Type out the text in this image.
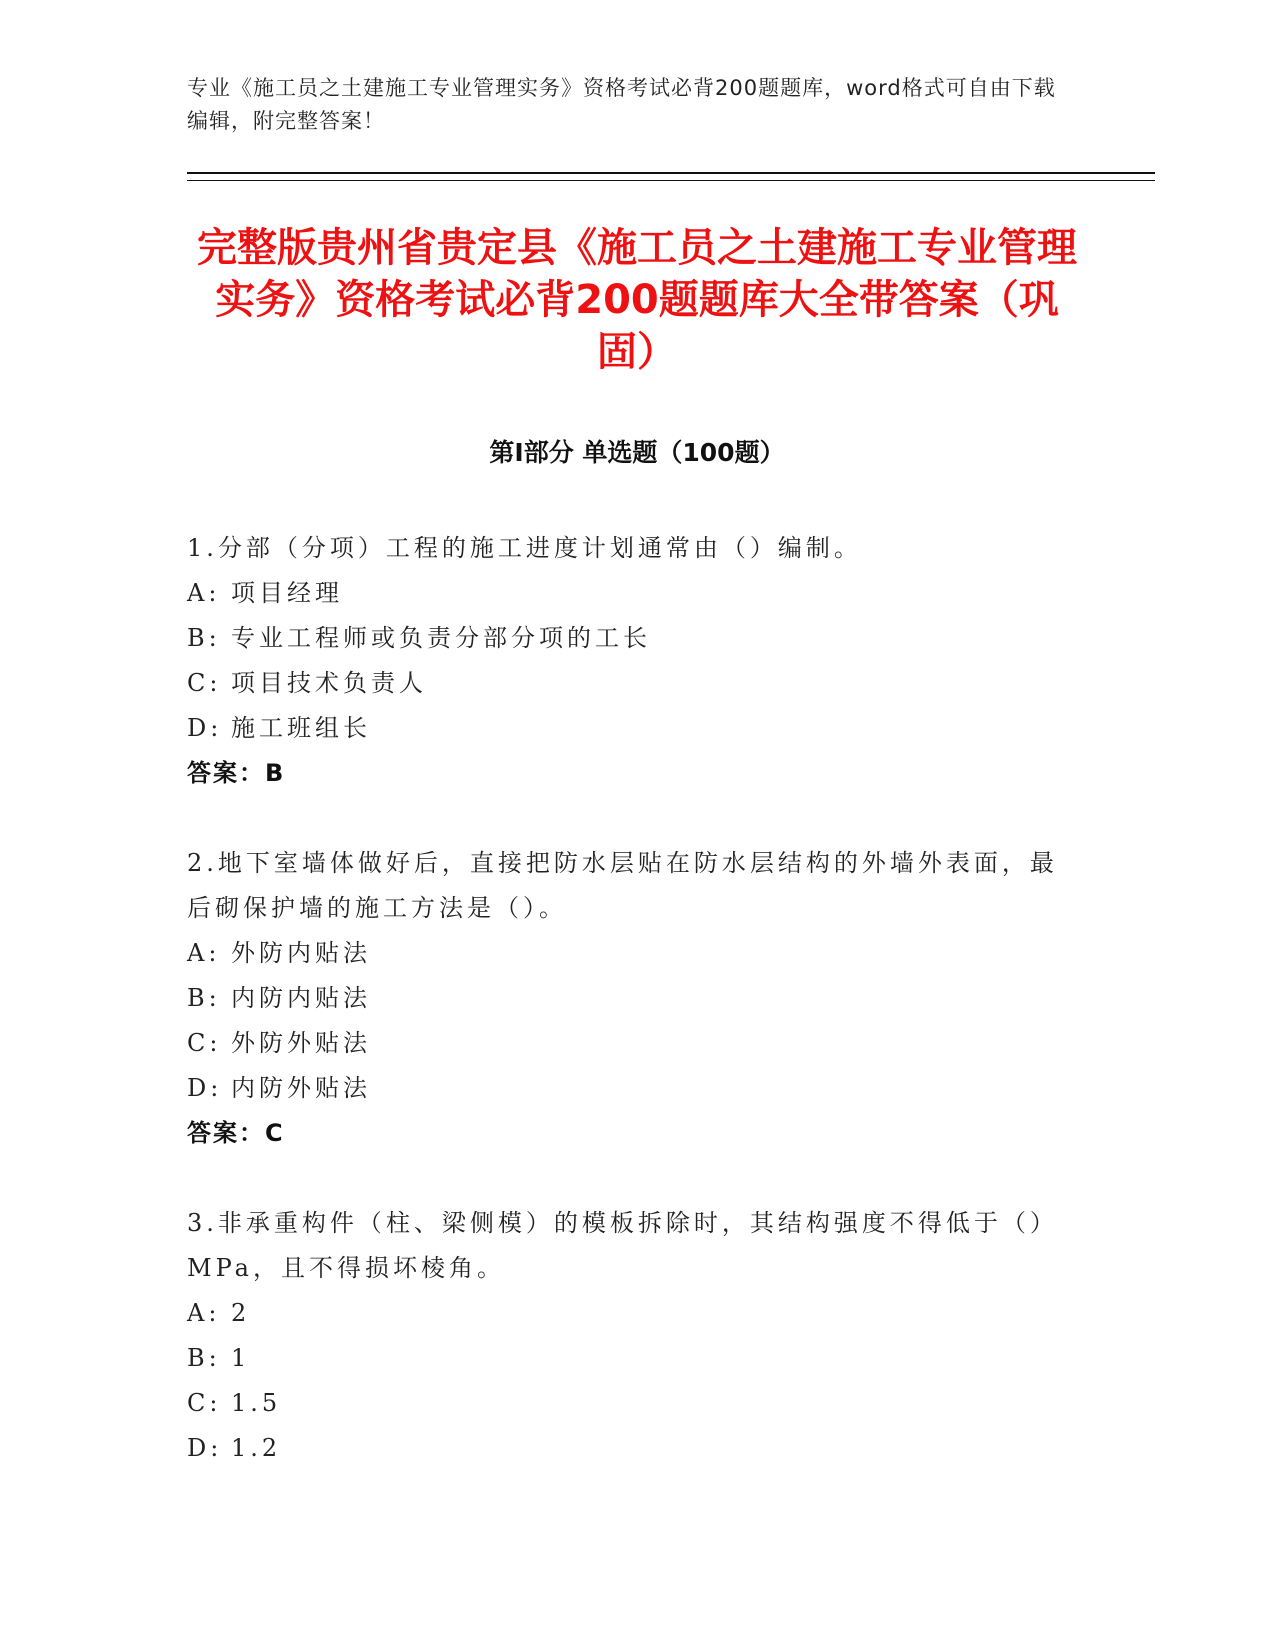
专业《施工员之土建施工专业管理实务》资格考试必背200题题库，word格式可自由下载编辑，附完整答案！
完整版贵州省贵定县《施工员之土建施工专业管理实务》资格考试必背200题题库大全带答案（巩固）
第Ⅰ部分 单选题（100题）
1.分部（分项）工程的施工进度计划通常由（）编制。
A: 项目经理
B: 专业工程师或负责分部分项的工长
C: 项目技术负责人
D: 施工班组长
答案：B
2.地下室墙体做好后，直接把防水层贴在防水层结构的外墙外表面，最后砌保护墙的施工方法是（）。
A: 外防内贴法
B: 内防内贴法
C: 外防外贴法
D: 内防外贴法
答案：C
3.非承重构件（柱、梁侧模）的模板拆除时，其结构强度不得低于（）MPa，且不得损坏棱角。
A: 2
B: 1
C: 1.5
D: 1.2
